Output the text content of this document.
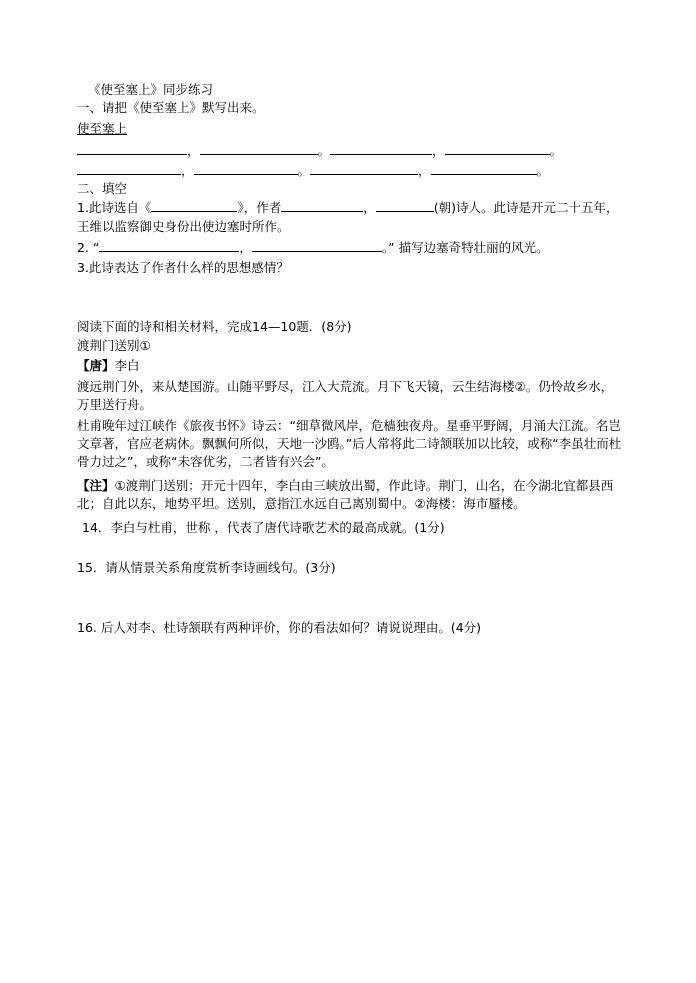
《使至塞上》同步练习
一、请把《使至塞上》默写出来。
使至塞上
，	。	，	。
，	。	，	。
二、填空
1.此诗选自《	》，作者	，	(朝)诗人。此诗是开元二十五年，
王维以监察御史身份出使边塞时所作。
2. “	，	。” 描写边塞奇特壮丽的风光。
3.此诗表达了作者什么样的思想感情？
阅读下面的诗和相关材料，完成14—10题．(8分)
渡荆门送别①
【唐】李白
渡远荆门外，来从楚国游。山随平野尽，江入大荒流。月下飞天镜，云生结海楼②。仍怜故乡水，万里送行舟。
杜甫晚年过江峡作《旅夜书怀》诗云：“细草微风岸，危樯独夜舟。星垂平野阔，月涌大江流。名岂文章著，官应老病休。飘飘何所似，天地一沙鸥。”后人常将此二诗颔联加以比较，或称“李虽壮而杜骨力过之”，或称“未容优劣，二者皆有兴会”。
【注】①渡荆门送别：开元十四年，李白由三峡放出蜀，作此诗。荆门，山名，在今湖北宜都县西北；自此以东，地势平坦。送别，意指江水远自己离别蜀中。②海楼：海市蜃楼。
14．李白与杜甫，世称 ，代表了唐代诗歌艺术的最高成就。(1分)
15．请从情景关系角度赏析李诗画线句。(3分)
16. 后人对李、杜诗颔联有两种评价，你的看法如何？请说说理由。(4分)
